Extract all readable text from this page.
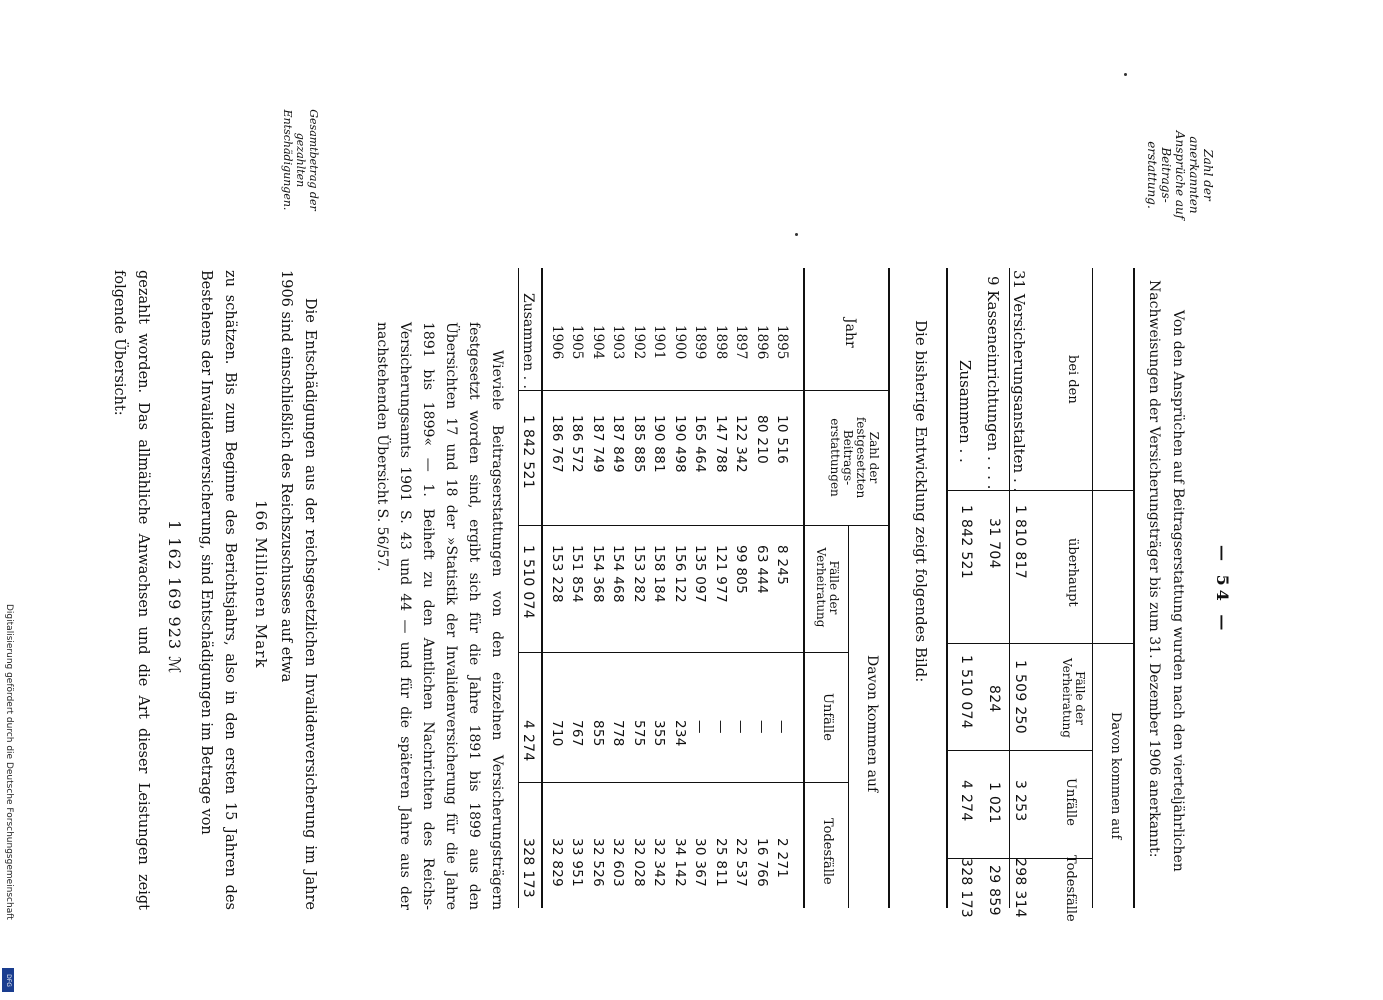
— 54 —
Zahl der anerkannten Ansprüche auf Beitrags-erstattung.
Von den Ansprüchen auf Beitragserstattung wurden nach den vierteljährlichen Nachweisungen der Versicherungsträger bis zum 31. Dezember 1906 anerkannt:
bei den
überhaupt
Davon kommen auf
Fälle der Verheiratung
Unfälle
Todesfälle
31 Versicherungsanstalten . .
1 810 817
1 509 250
3 253
298 314
9 Kasseneinrichtungen . . . .
31 704
824
1 021
29 859
Zusammen . .
1 842 521
1 510 074
4 274
328 173
Die bisherige Entwicklung zeigt folgendes Bild:
Jahr
Zahl der festgesetzten Beitrags-erstattungen
Davon kommen auf
Fälle der Verheiratung
Unfälle
Todesfälle
1895
10 516
8 245
—
2 271
1896
80 210
63 444
—
16 766
1897
122 342
99 805
—
22 537
1898
147 788
121 977
—
25 811
1899
165 464
135 097
—
30 367
1900
190 498
156 122
234
34 142
1901
190 881
158 184
355
32 342
1902
185 885
153 282
575
32 028
1903
187 849
154 468
778
32 603
1904
187 749
154 368
855
32 526
1905
186 572
151 854
767
33 951
1906
186 767
153 228
710
32 829
Zusammen . .
1 842 521
1 510 074
4 274
328 173
Wieviele Beitragserstattungen von den einzelnen Versicherungsträgern festgesetzt worden sind, ergibt sich für die Jahre 1891 bis 1899 aus den Übersichten 17 und 18 der »Statistik der Invalidenversicherung für die Jahre 1891 bis 1899« — 1. Beiheft zu den Amtlichen Nachrichten des Reichs-Versicherungsamts 1901 S. 43 und 44 — und für die späteren Jahre aus der nachstehenden Übersicht S. 56/57.
Gesamtbetrag der gezahlten Entschädigungen.
Die Entschädigungen aus der reichsgesetzlichen Invalidenversicherung im Jahre 1906 sind einschließlich des Reichszuschusses auf etwa
166 Millionen Mark
zu schätzen. Bis zum Beginne des Berichtsjahrs, also in den ersten 15 Jahren des Bestehens der Invalidenversicherung, sind Entschädigungen im Betrage von
1 162 169 923 ℳ
gezahlt worden. Das allmähliche Anwachsen und die Art dieser Leistungen zeigt folgende Übersicht:
Digitalisierung gefördert durch die Deutsche Forschungsgemeinschaft
DFG
